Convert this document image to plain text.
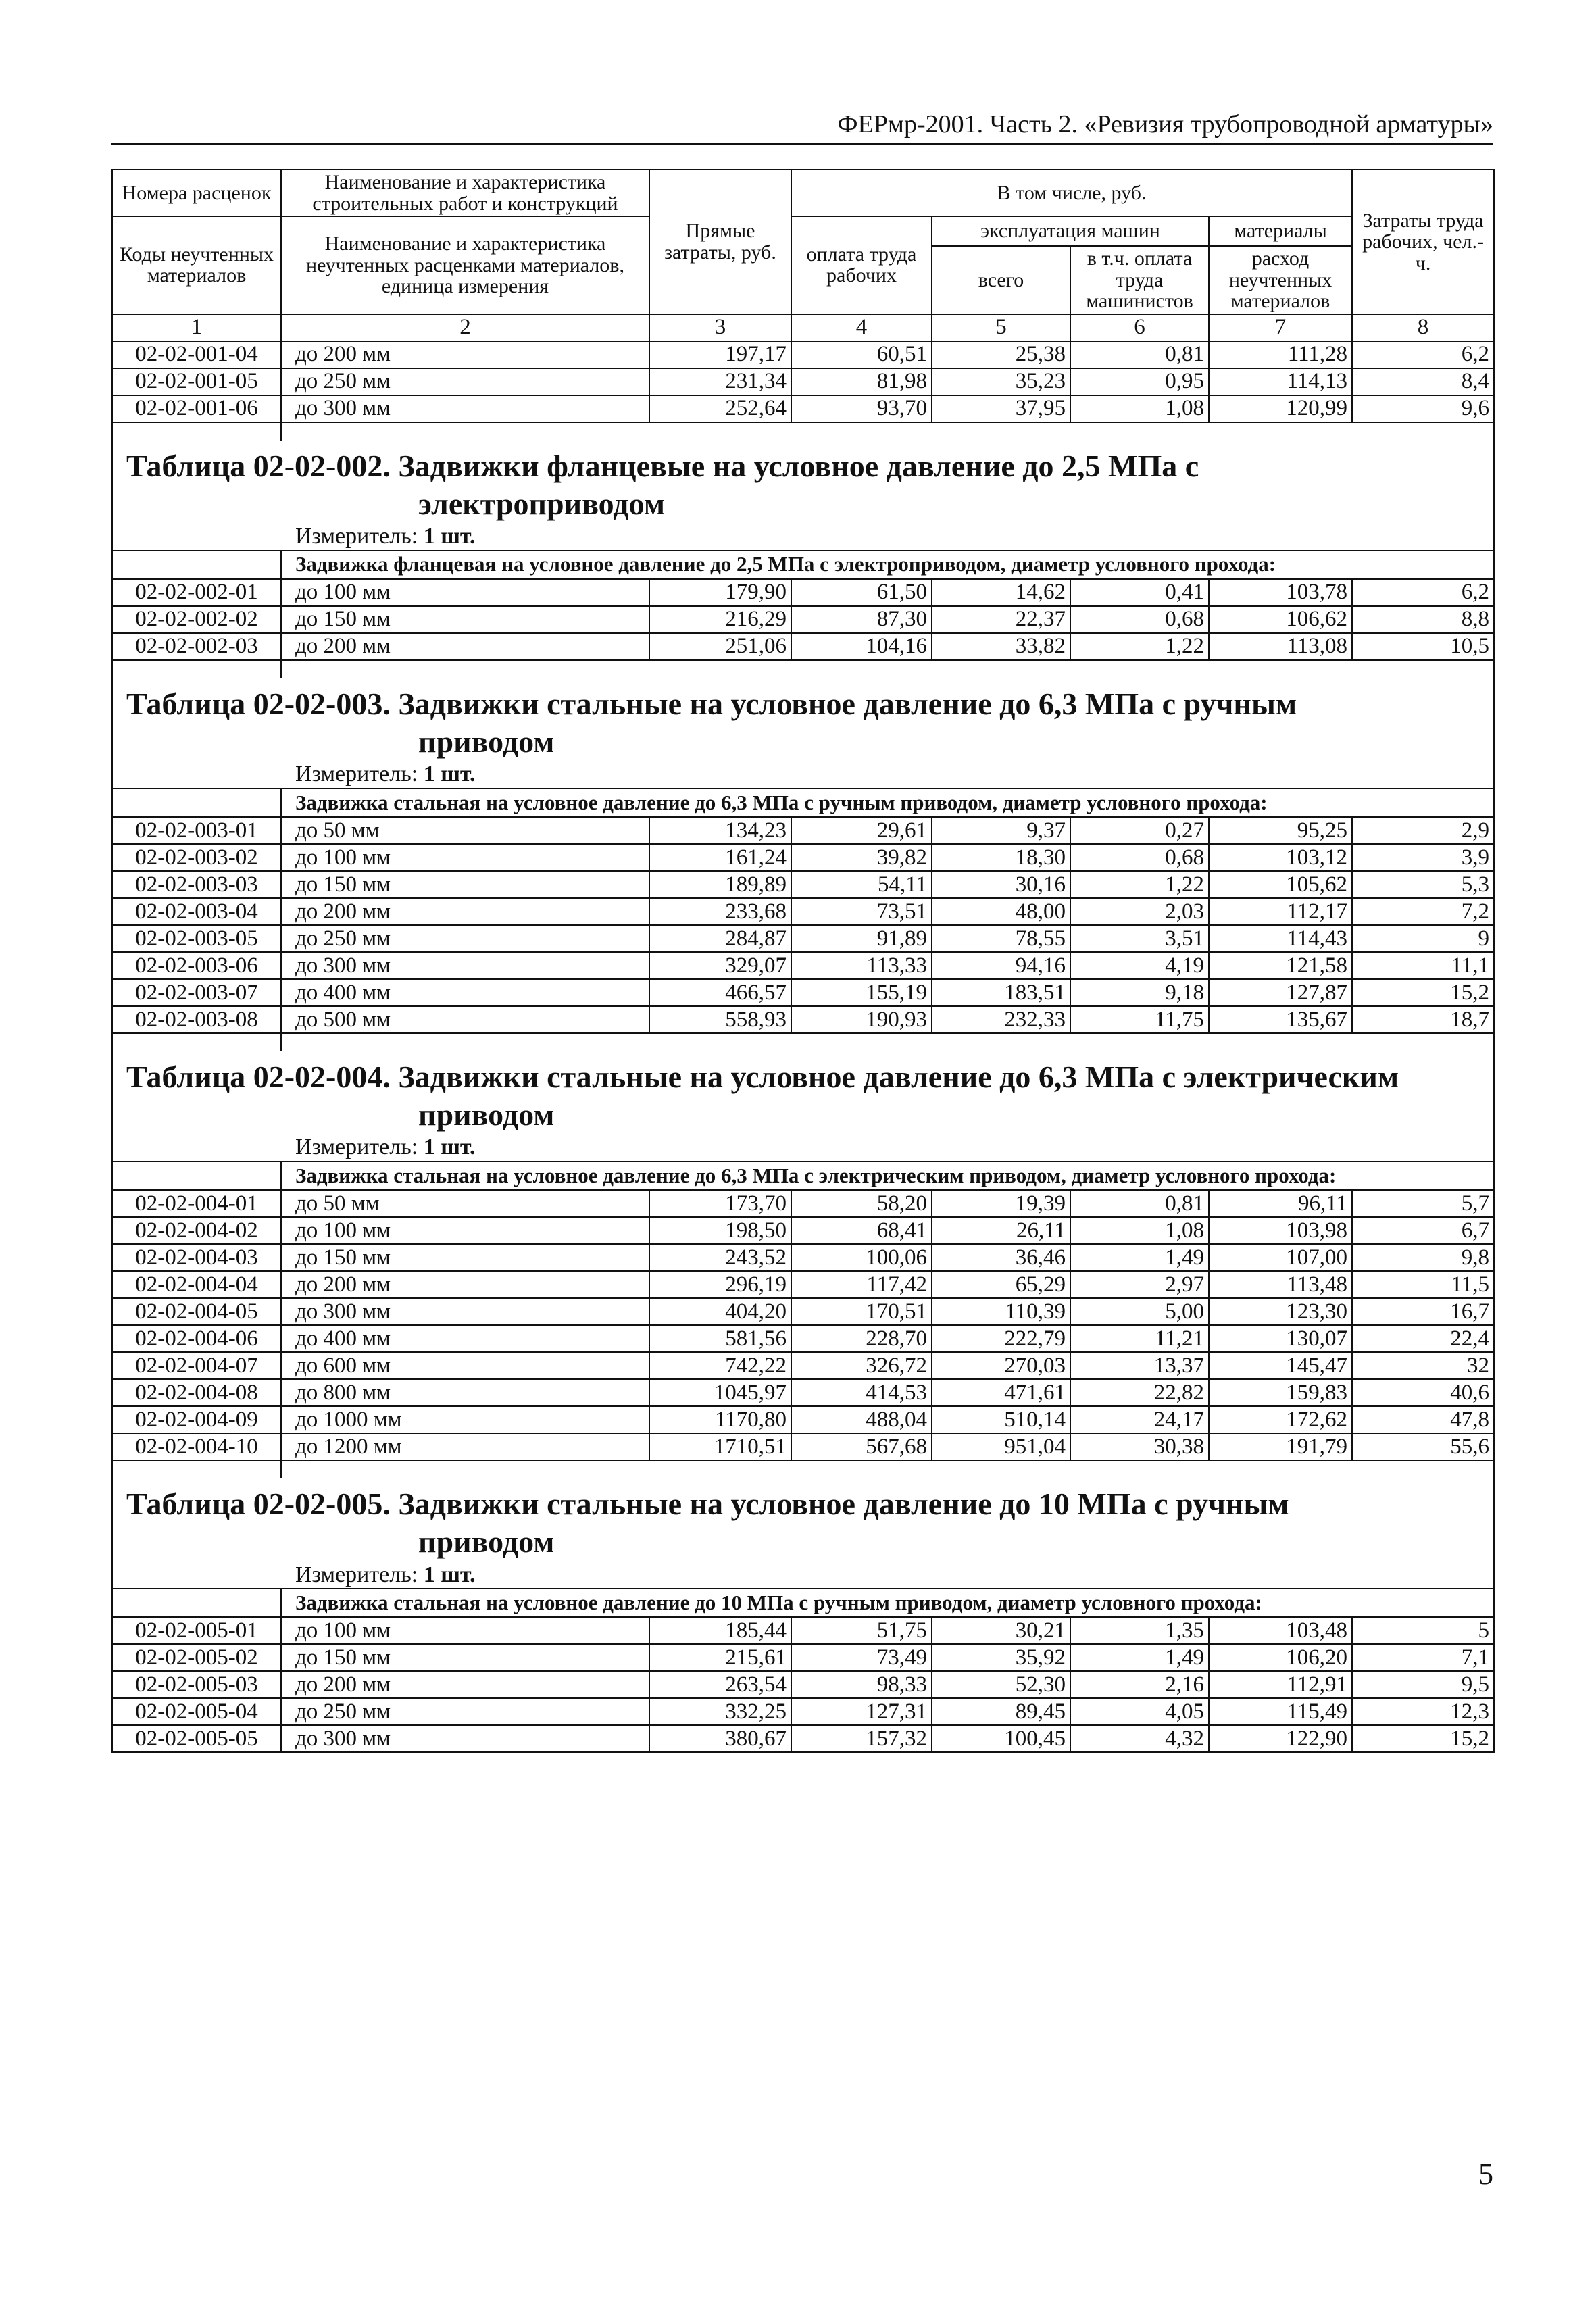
ФЕРмр-2001. Часть 2. «Ревизия трубопроводной арматуры»
Номера расценок	Наименование и характеристика строительных работ и конструкций	Прямые затраты, руб.	В том числе, руб.				Затраты труда рабочих, чел.-ч.
Коды неучтенных материалов	Наименование и характеристика неучтенных расценками материалов, единица измерения		оплата труда рабочих	эксплуатация машин		материалы	
				всего	в т.ч. оплата труда машинистов	расход неучтенных материалов	
1	2	3	4	5	6	7	8
02-02-001-04	до 200 мм	197,17	60,51	25,38	0,81	111,28	6,2
02-02-001-05	до 250 мм	231,34	81,98	35,23	0,95	114,13	8,4
02-02-001-06	до 300 мм	252,64	93,70	37,95	1,08	120,99	9,6

Таблица 02-02-002. Задвижки фланцевые на условное давление до 2,5 МПа с
электроприводом							

Измеритель: 1 шт.							
	Задвижка фланцевая на условное давление до 2,5 МПа с электроприводом, диаметр условного прохода:						
02-02-002-01	до 100 мм	179,90	61,50	14,62	0,41	103,78	6,2
02-02-002-02	до 150 мм	216,29	87,30	22,37	0,68	106,62	8,8
02-02-002-03	до 200 мм	251,06	104,16	33,82	1,22	113,08	10,5

Таблица 02-02-003. Задвижки стальные на условное давление до 6,3 МПа с ручным
приводом							

Измеритель: 1 шт.							
	Задвижка стальная на условное давление до 6,3 МПа с ручным приводом, диаметр условного прохода:						
02-02-003-01	до 50 мм	134,23	29,61	9,37	0,27	95,25	2,9
02-02-003-02	до 100 мм	161,24	39,82	18,30	0,68	103,12	3,9
02-02-003-03	до 150 мм	189,89	54,11	30,16	1,22	105,62	5,3
02-02-003-04	до 200 мм	233,68	73,51	48,00	2,03	112,17	7,2
02-02-003-05	до 250 мм	284,87	91,89	78,55	3,51	114,43	9
02-02-003-06	до 300 мм	329,07	113,33	94,16	4,19	121,58	11,1
02-02-003-07	до 400 мм	466,57	155,19	183,51	9,18	127,87	15,2
02-02-003-08	до 500 мм	558,93	190,93	232,33	11,75	135,67	18,7

Таблица 02-02-004. Задвижки стальные на условное давление до 6,3 МПа с электрическим
приводом							

Измеритель: 1 шт.							
	Задвижка стальная на условное давление до 6,3 МПа с электрическим приводом, диаметр условного прохода:						
02-02-004-01	до 50 мм	173,70	58,20	19,39	0,81	96,11	5,7
02-02-004-02	до 100 мм	198,50	68,41	26,11	1,08	103,98	6,7
02-02-004-03	до 150 мм	243,52	100,06	36,46	1,49	107,00	9,8
02-02-004-04	до 200 мм	296,19	117,42	65,29	2,97	113,48	11,5
02-02-004-05	до 300 мм	404,20	170,51	110,39	5,00	123,30	16,7
02-02-004-06	до 400 мм	581,56	228,70	222,79	11,21	130,07	22,4
02-02-004-07	до 600 мм	742,22	326,72	270,03	13,37	145,47	32
02-02-004-08	до 800 мм	1045,97	414,53	471,61	22,82	159,83	40,6
02-02-004-09	до 1000 мм	1170,80	488,04	510,14	24,17	172,62	47,8
02-02-004-10	до 1200 мм	1710,51	567,68	951,04	30,38	191,79	55,6

Таблица 02-02-005. Задвижки стальные на условное давление до 10 МПа с ручным
приводом							

Измеритель: 1 шт.							
	Задвижка стальная на условное давление до 10 МПа с ручным приводом, диаметр условного прохода:						
02-02-005-01	до 100 мм	185,44	51,75	30,21	1,35	103,48	5
02-02-005-02	до 150 мм	215,61	73,49	35,92	1,49	106,20	7,1
02-02-005-03	до 200 мм	263,54	98,33	52,30	2,16	112,91	9,5
02-02-005-04	до 250 мм	332,25	127,31	89,45	4,05	115,49	12,3
02-02-005-05	до 300 мм	380,67	157,32	100,45	4,32	122,90	15,2
5
